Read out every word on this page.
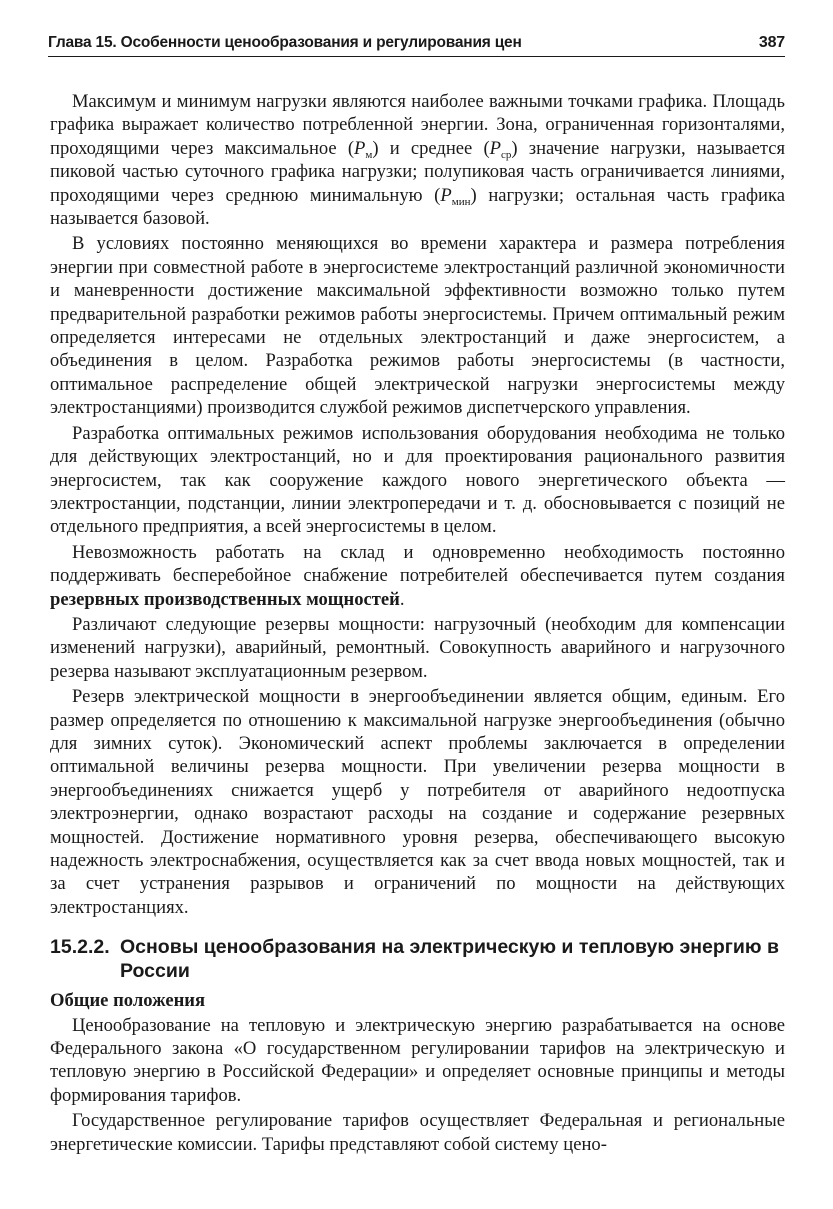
Глава 15. Особенности ценообразования и регулирования цен	387

Максимум и минимум нагрузки являются наиболее важными точками графика. Площадь графика выражает количество потребленной энергии. Зона, ограниченная горизонталями, проходящими через максимальное $(P_м)$ и среднее $(P_{ср})$ значение нагрузки, называется пиковой частью суточного графика нагрузки; полупиковая часть ограничивается линиями, проходящими через среднюю минимальную $(P_{мин})$ нагрузки; остальная часть графика называется базовой.

В условиях постоянно меняющихся во времени характера и размера потребления энергии при совместной работе в энергосистеме электростанций различной экономичности и маневренности достижение максимальной эффективности возможно только путем предварительной разработки режимов работы энергосистемы. Причем оптимальный режим определяется интересами не отдельных электростанций и даже энергосистем, а объединения в целом. Разработка режимов работы энергосистемы (в частности, оптимальное распределение общей электрической нагрузки энергосистемы между электростанциями) производится службой режимов диспетчерского управления.

Разработка оптимальных режимов использования оборудования необходима не только для действующих электростанций, но и для проектирования рационального развития энергосистем, так как сооружение каждого нового энергетического объекта — электростанции, подстанции, линии электропередачи и т. д. обосновывается с позиций не отдельного предприятия, а всей энергосистемы в целом.

Невозможность работать на склад и одновременно необходимость постоянно поддерживать бесперебойное снабжение потребителей обеспечивается путем создания резервных производственных мощностей.

Различают следующие резервы мощности: нагрузочный (необходим для компенсации изменений нагрузки), аварийный, ремонтный. Совокупность аварийного и нагрузочного резерва называют эксплуатационным резервом.

Резерв электрической мощности в энергообъединении является общим, единым. Его размер определяется по отношению к максимальной нагрузке энергообъединения (обычно для зимних суток). Экономический аспект проблемы заключается в определении оптимальной величины резерва мощности. При увеличении резерва мощности в энергообъединениях снижается ущерб у потребителя от аварийного недоотпуска электроэнергии, однако возрастают расходы на создание и содержание резервных мощностей. Достижение нормативного уровня резерва, обеспечивающего высокую надежность электроснабжения, осуществляется как за счет ввода новых мощностей, так и за счет устранения разрывов и ограничений по мощности на действующих электростанциях.

15.2.2. Основы ценообразования на электрическую и тепловую энергию в России
Общие положения

Ценообразование на тепловую и электрическую энергию разрабатывается на основе Федерального закона «О государственном регулировании тарифов на электрическую и тепловую энергию в Российской Федерации» и определяет основные принципы и методы формирования тарифов.

Государственное регулирование тарифов осуществляет Федеральная и региональные энергетические комиссии. Тарифы представляют собой систему цено-
